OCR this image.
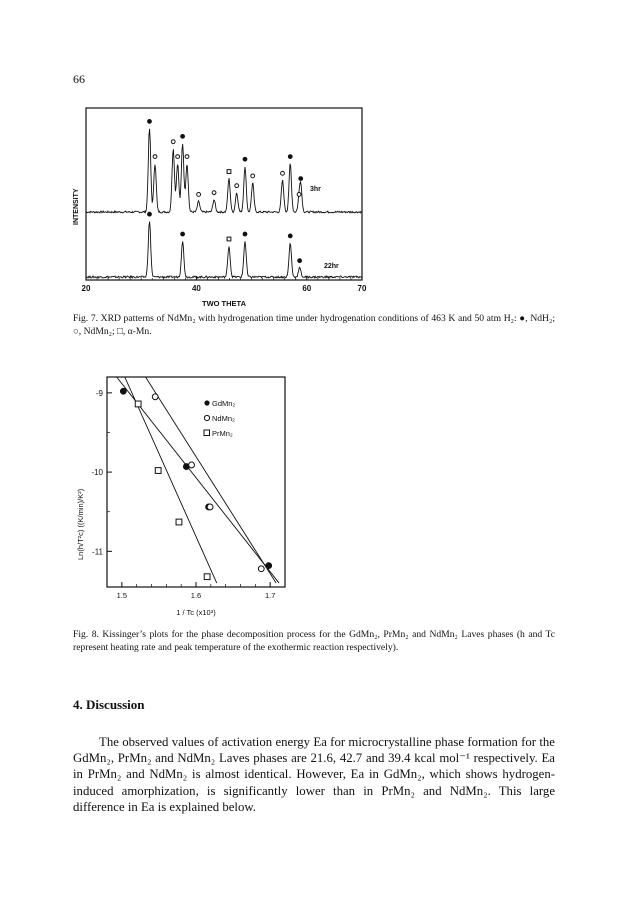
66
20	40	60	70
INTENSITY	3hr
22hr
TWO THETA
Fig. 7. XRD patterns of NdMn₂ with hydrogenation time under hydrogenation conditions of 463 K and 50 atm H₂: ●, NdH₂; ○, NdMn₂; □, α-Mn.
1.5	1.6	1.7
-9
-10
-11
GdMn₂
NdMn₂
PrMn₂
Ln(h/T²c) ((K/min)/K²)
1 / Tc (x10³)
Fig. 8. Kissinger’s plots for the phase decomposition process for the GdMn₂, PrMn₂ and NdMn₂ Laves phases (h and Tc represent heating rate and peak temperature of the exothermic reaction respectively).
4. Discussion

The observed values of activation energy Ea for microcrystalline phase formation for the GdMn₂, PrMn₂ and NdMn₂ Laves phases are 21.6, 42.7 and 39.4 kcal mol⁻¹ respectively. Ea in PrMn₂ and NdMn₂ is almost identical. However, Ea in GdMn₂, which shows hydrogen-induced amorphization, is significantly lower than in PrMn₂ and NdMn₂. This large difference in Ea is explained below.
